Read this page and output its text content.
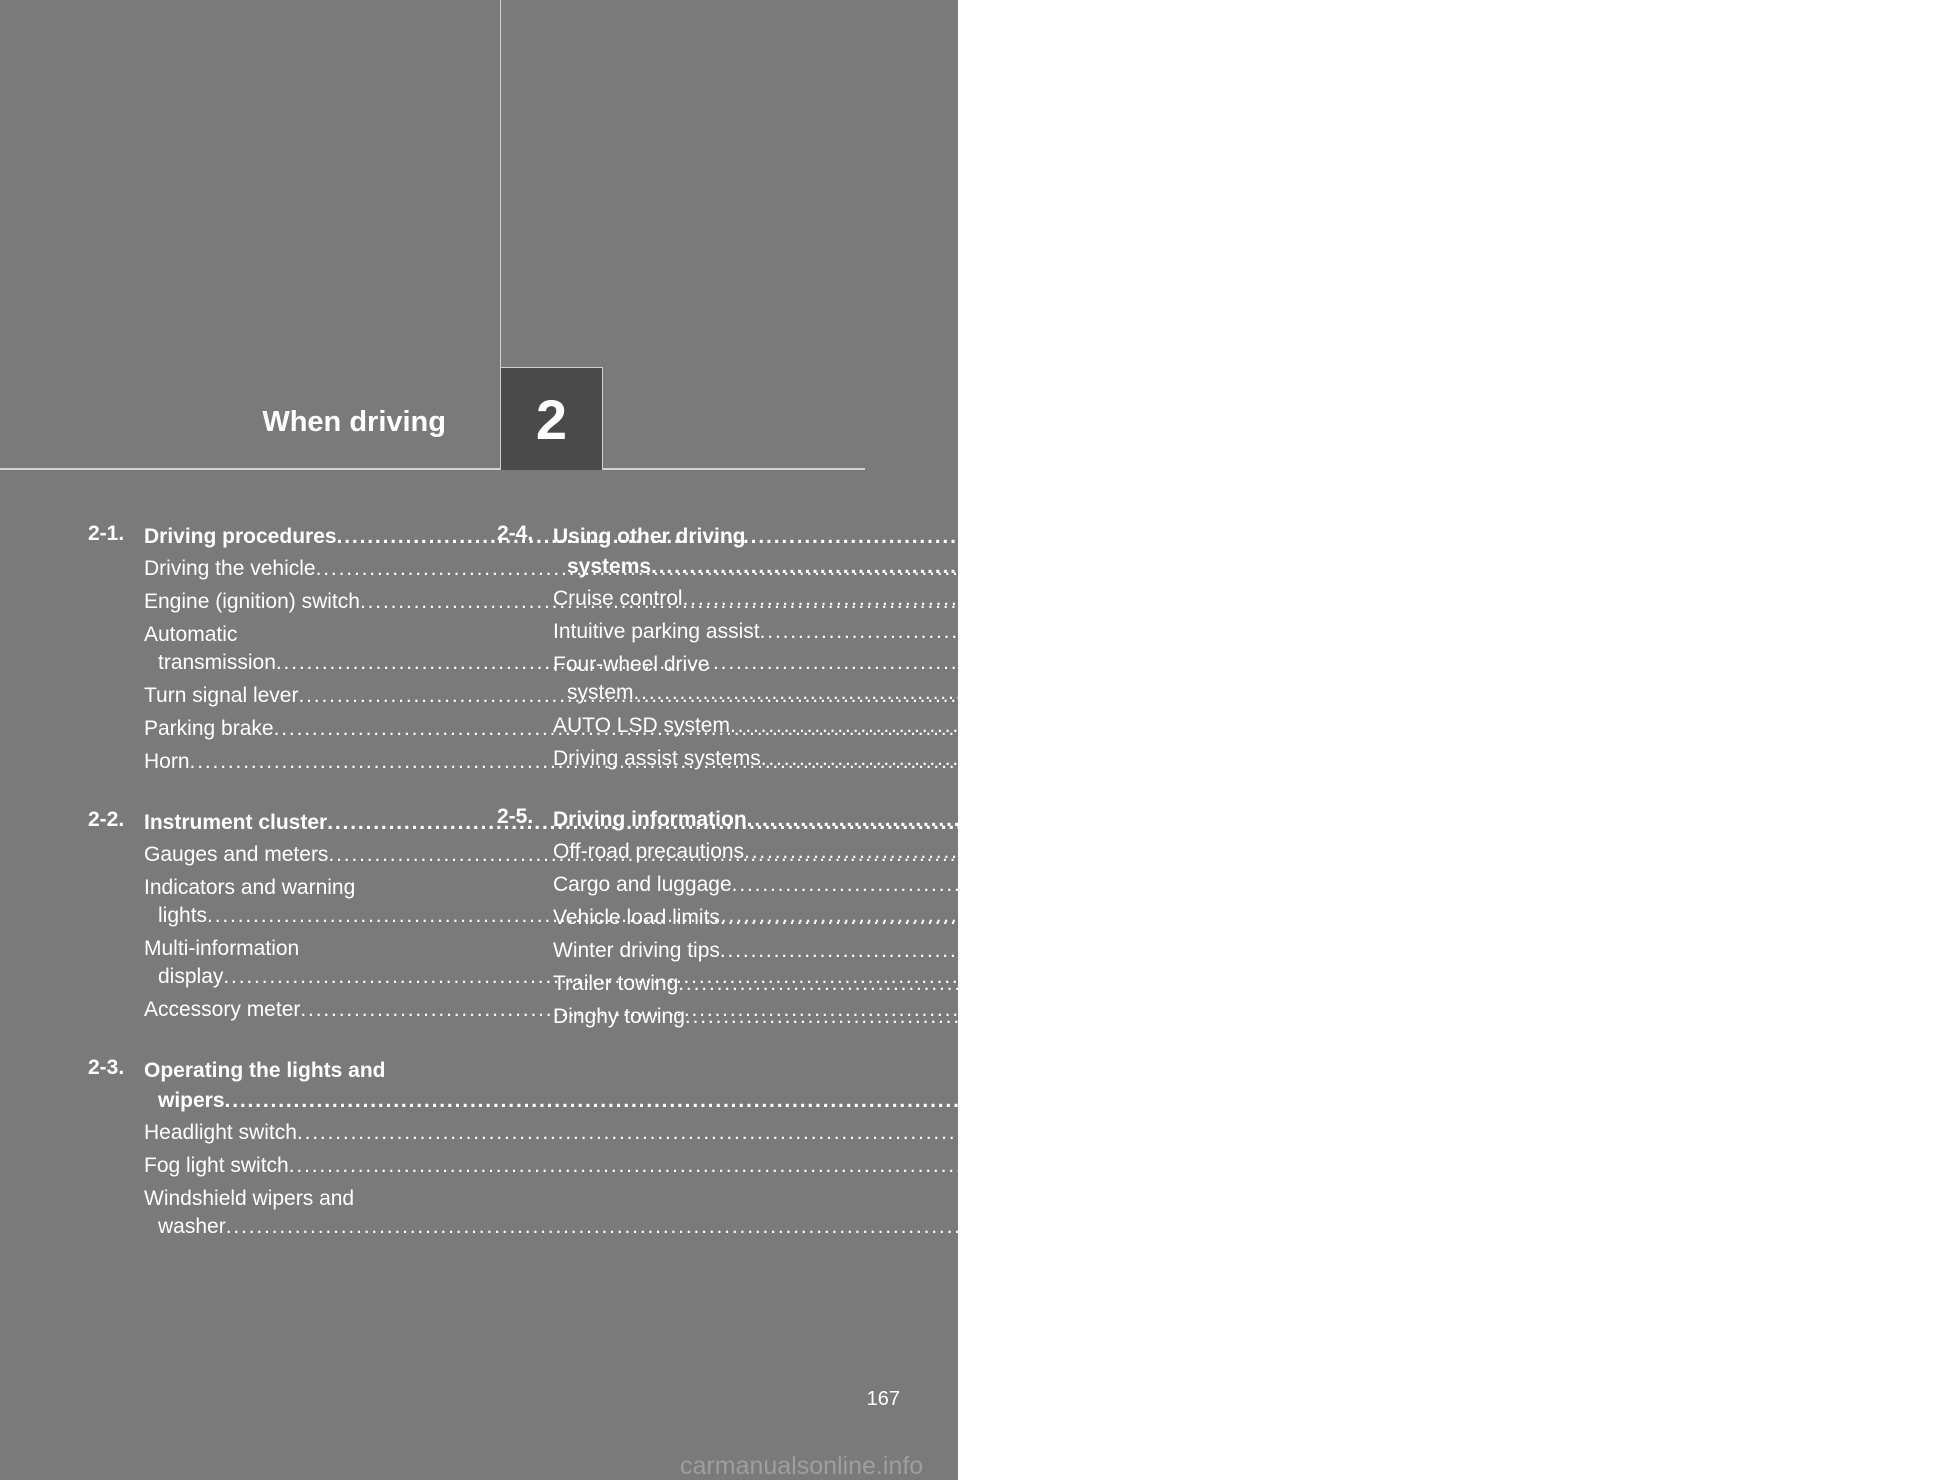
When driving 2
2-1. Driving procedures . . .	168
Driving the vehicle . . .	168
Engine (ignition) switch . . .	177
Automatic
transmission . . .	180
Turn signal lever . . .	185
Parking brake . . .	186
Horn . . .	187
2-2. Instrument cluster . . .	188
Gauges and meters . . .	188
Indicators and warning
lights . . .	194
Multi-information
display . . .	198
Accessory meter . . .	204
2-3. Operating the lights and
wipers . . .	207
Headlight switch . . .	207
Fog light switch . . .	210
Windshield wipers and
washer . . .	211
2-4. Using other driving
systems . . .	214
Cruise control . . .	214
Intuitive parking assist . . .	217
Four-wheel drive
system . . .	223
AUTO LSD system . . .	227
Driving assist systems . . .	230
2-5. Driving information . . .	236
Off-road precautions . . .	236
Cargo and luggage . . .	241
Vehicle load limits . . .	244
Winter driving tips . . .	246
Trailer towing . . .	250
Dinghy towing . . .	272
167
carmanualsonline.info
